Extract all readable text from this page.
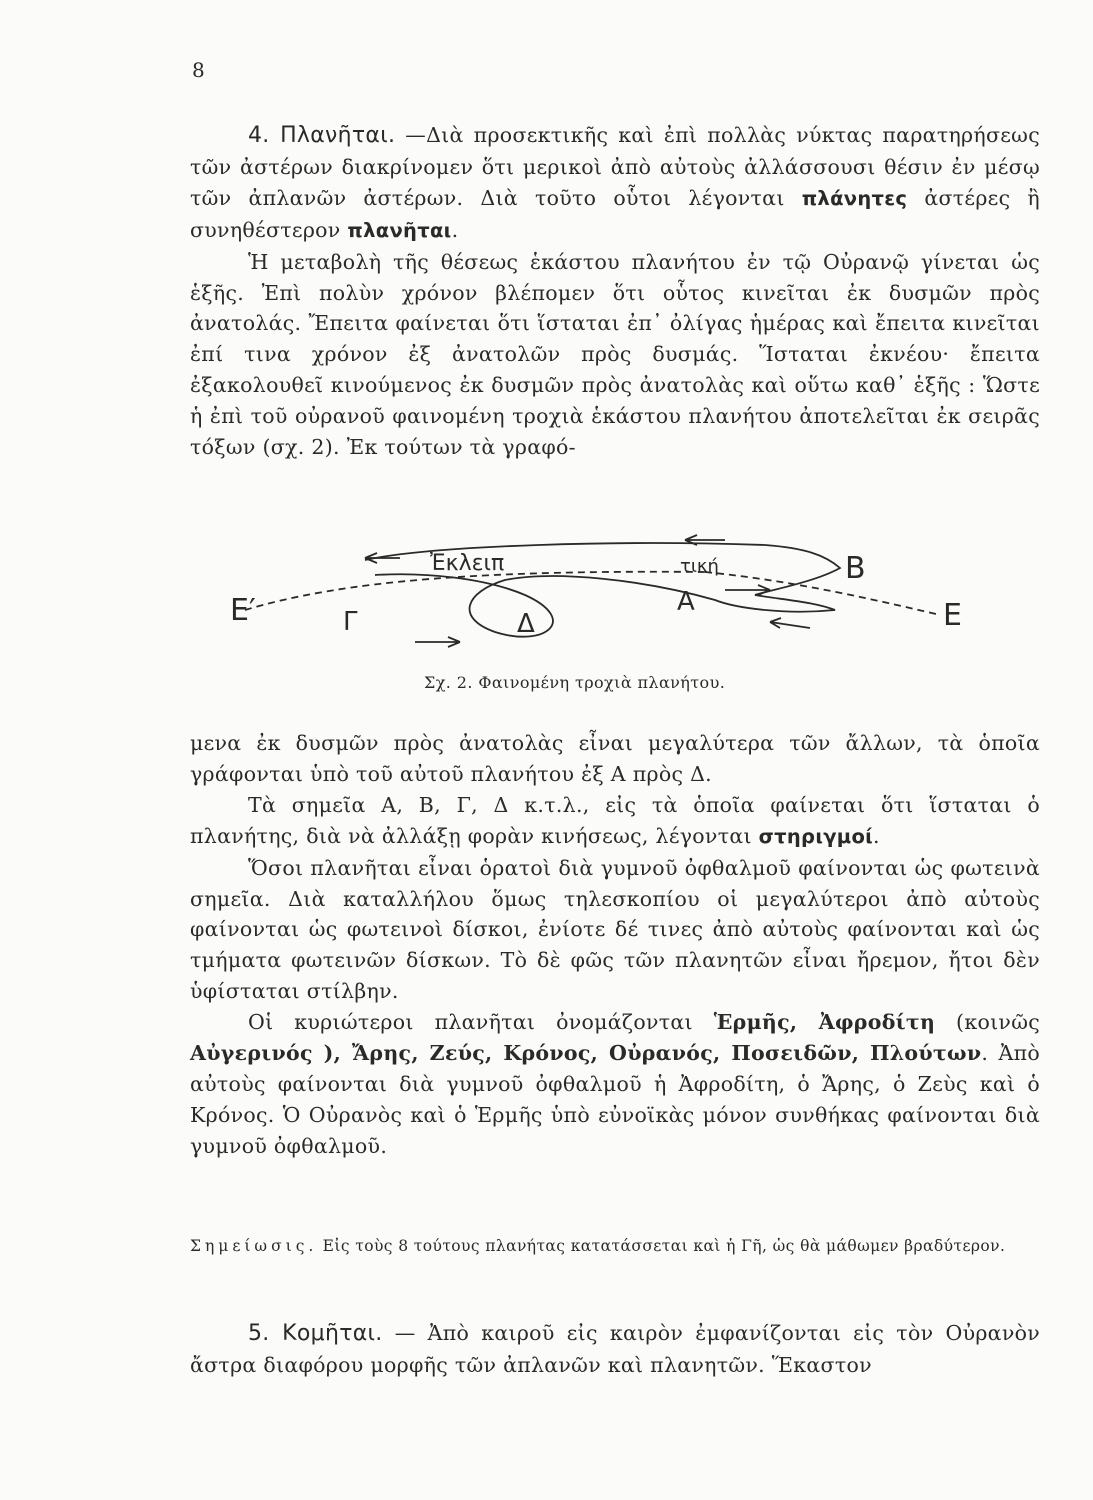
8

4. Πλανῆται. —Διὰ προσεκτικῆς καὶ ἐπὶ πολλὰς νύκτας παρατηρήσεως τῶν ἀστέρων διακρίνομεν ὅτι μερικοὶ ἀπὸ αὐτοὺς ἀλλάσσουσι θέσιν ἐν μέσῳ τῶν ἀπλανῶν ἀστέρων. Διὰ τοῦτο οὗτοι λέγονται πλάνητες ἀστέρες ἢ συνηθέστερον πλανῆται.

Ἡ μεταβολὴ τῆς θέσεως ἑκάστου πλανήτου ἐν τῷ Οὐρανῷ γίνεται ὡς ἑξῆς. Ἐπὶ πολὺν χρόνον βλέπομεν ὅτι οὗτος κινεῖται ἐκ δυσμῶν πρὸς ἀνατολάς. Ἔπειτα φαίνεται ὅτι ἵσταται ἐπ᾽ ὀλίγας ἡμέρας καὶ ἔπειτα κινεῖται ἐπί τινα χρόνον ἐξ ἀνατολῶν πρὸς δυσμάς. Ἵσταται ἐκνέου· ἔπειτα ἐξακολουθεῖ κινούμενος ἐκ δυσμῶν πρὸς ἀνατολὰς καὶ οὕτω καθ᾽ ἑξῆς : Ὥστε ἡ ἐπὶ τοῦ οὐρανοῦ φαινομένη τροχιὰ ἑκάστου πλανήτου ἀποτελεῖται ἐκ σειρᾶς τόξων (σχ. 2). Ἐκ τούτων τὰ γραφό-

Ἐκλειπ	τική	Β
Ε′	Γ	Δ
Α	Ε
Σχ. 2. Φαινομένη τροχιὰ πλανήτου.

μενα ἐκ δυσμῶν πρὸς ἀνατολὰς εἶναι μεγαλύτερα τῶν ἄλλων, τὰ ὁποῖα γράφονται ὑπὸ τοῦ αὐτοῦ πλανήτου ἐξ Α πρὸς Δ.

Τὰ σημεῖα Α, Β, Γ, Δ κ.τ.λ., εἰς τὰ ὁποῖα φαίνεται ὅτι ἵσταται ὁ πλανήτης, διὰ νὰ ἀλλάξῃ φορὰν κινήσεως, λέγονται στηριγμοί.

Ὅσοι πλανῆται εἶναι ὁρατοὶ διὰ γυμνοῦ ὀφθαλμοῦ φαίνονται ὡς φωτεινὰ σημεῖα. Διὰ καταλλήλου ὅμως τηλεσκοπίου οἱ μεγαλύτεροι ἀπὸ αὐτοὺς φαίνονται ὡς φωτεινοὶ δίσκοι, ἐνίοτε δέ τινες ἀπὸ αὐτοὺς φαίνονται καὶ ὡς τμήματα φωτεινῶν δίσκων. Τὸ δὲ φῶς τῶν πλανητῶν εἶναι ἤρεμον, ἤτοι δὲν ὑφίσταται στίλβην.

Οἱ κυριώτεροι πλανῆται ὀνομάζονται Ἑρμῆς, Ἀφροδίτη (κοινῶς Αὐγερινός ), Ἄρης, Ζεύς, Κρόνος, Οὐρανός, Ποσειδῶν, Πλούτων. Ἀπὸ αὐτοὺς φαίνονται διὰ γυμνοῦ ὀφθαλμοῦ ἡ Ἀφροδίτη, ὁ Ἄρης, ὁ Ζεὺς καὶ ὁ Κρόνος. Ὁ Οὐρανὸς καὶ ὁ Ἑρμῆς ὑπὸ εὐνοϊκὰς μόνον συνθήκας φαίνονται διὰ γυμνοῦ ὀφθαλμοῦ.

Σημείωσις. Εἰς τοὺς 8 τούτους πλανήτας κατατάσσεται καὶ ἡ Γῆ, ὡς θὰ μάθωμεν βραδύτερον.

5. Κομῆται. — Ἀπὸ καιροῦ εἰς καιρὸν ἐμφανίζονται εἰς τὸν Οὐρανὸν ἄστρα διαφόρου μορφῆς τῶν ἀπλανῶν καὶ πλανητῶν. Ἕκαστον
